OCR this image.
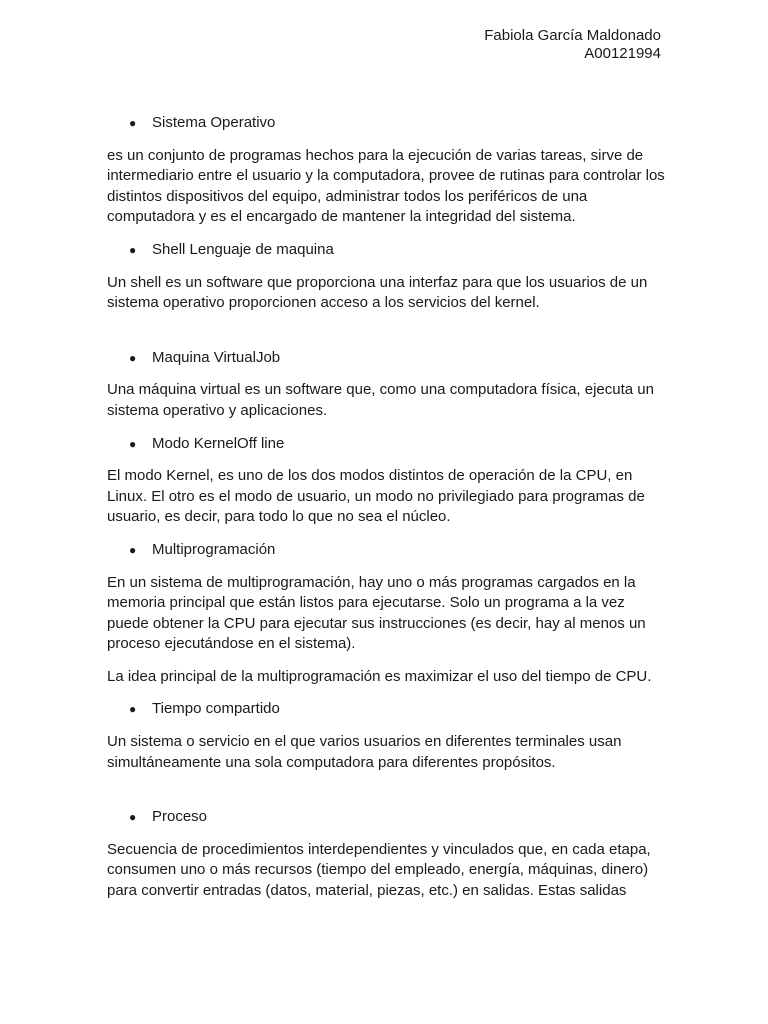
Fabiola García Maldonado
A00121994
●	Sistema Operativo

es un conjunto de programas hechos para la ejecución de varias tareas, sirve de intermediario entre el usuario y la computadora, provee de rutinas para controlar los distintos dispositivos del equipo, administrar todos los periféricos de una computadora y es el encargado de mantener la integridad del sistema.

●	Shell Lenguaje de maquina

Un shell es un software que proporciona una interfaz para que los usuarios de un sistema operativo proporcionen acceso a los servicios del kernel.

●	Maquina VirtualJob

Una máquina virtual es un software que, como una computadora física, ejecuta un sistema operativo y aplicaciones.

●	Modo KernelOff line

El modo Kernel, es uno de los dos modos distintos de operación de la CPU, en Linux. El otro es el modo de usuario, un modo no privilegiado para programas de usuario, es decir, para todo lo que no sea el núcleo.

●	Multiprogramación

En un sistema de multiprogramación, hay uno o más programas cargados en la memoria principal que están listos para ejecutarse. Solo un programa a la vez puede obtener la CPU para ejecutar sus instrucciones (es decir, hay al menos un proceso ejecutándose en el sistema).

La idea principal de la multiprogramación es maximizar el uso del tiempo de CPU.

●	Tiempo compartido

Un sistema o servicio en el que varios usuarios en diferentes terminales usan simultáneamente una sola computadora para diferentes propósitos.

●	Proceso

Secuencia de procedimientos interdependientes y vinculados que, en cada etapa, consumen uno o más recursos (tiempo del empleado, energía, máquinas, dinero) para convertir entradas (datos, material, piezas, etc.) en salidas. Estas salidas
